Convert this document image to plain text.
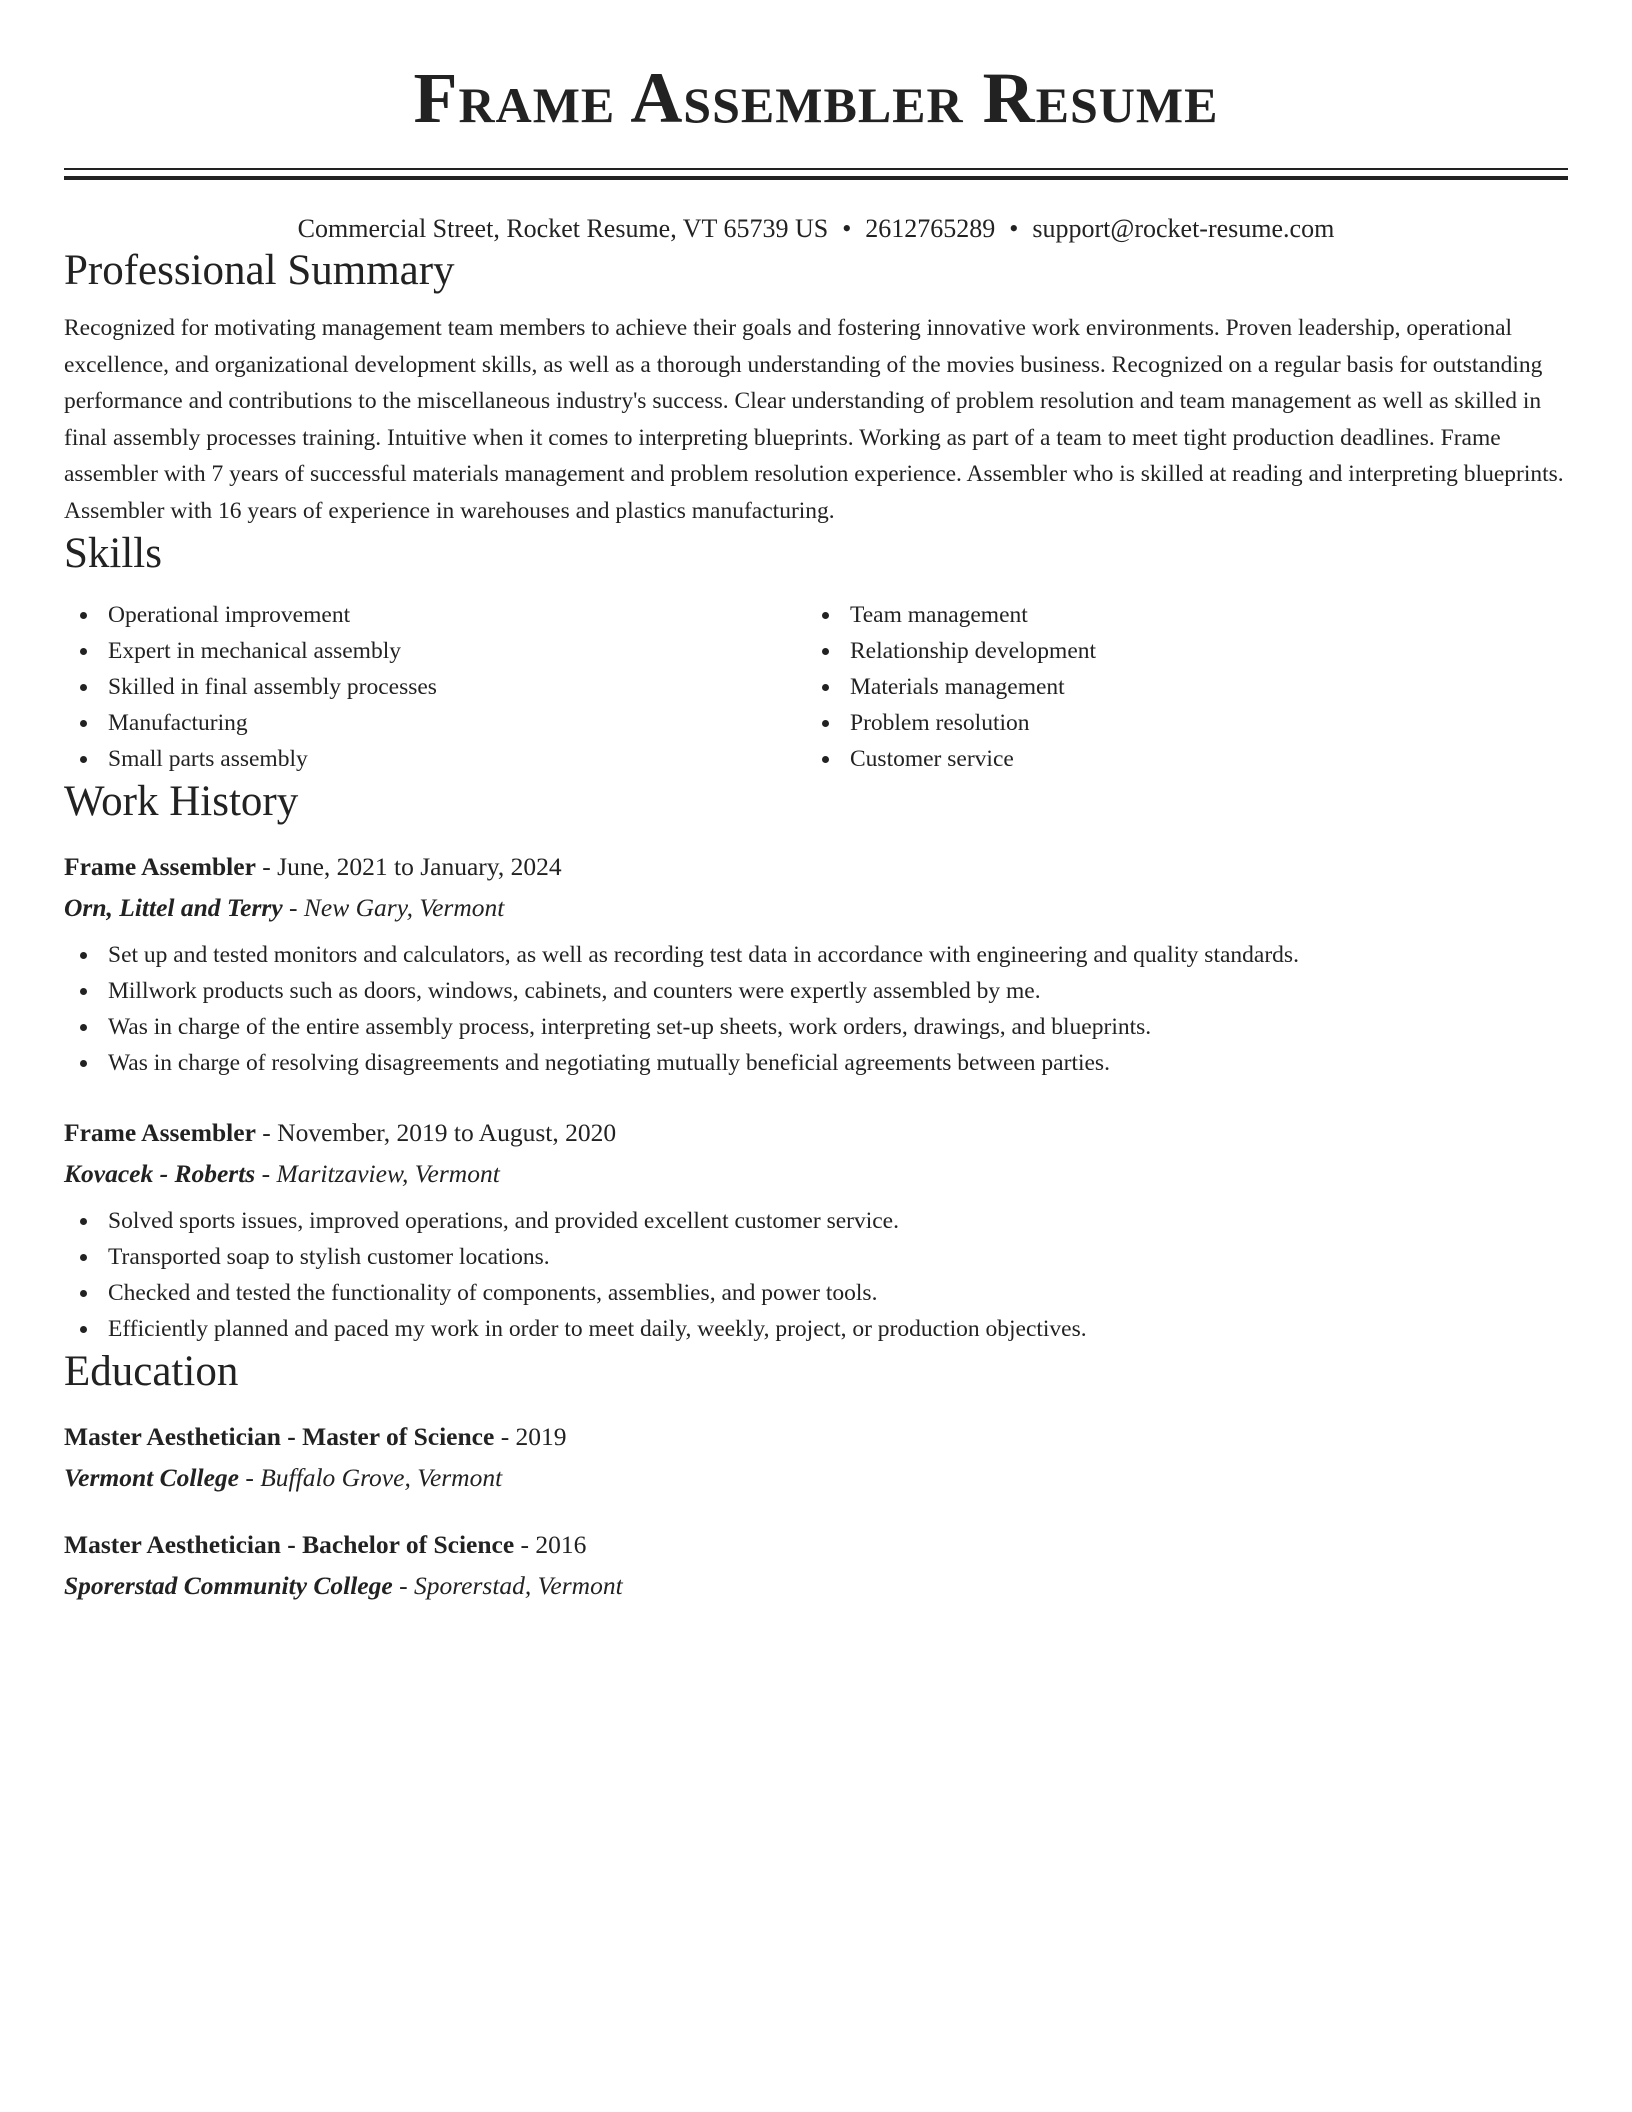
Frame Assembler Resume
Commercial Street, Rocket Resume, VT 65739 US • 2612765289 • support@rocket-resume.com
Professional Summary
Recognized for motivating management team members to achieve their goals and fostering innovative work environments. Proven leadership, operational excellence, and organizational development skills, as well as a thorough understanding of the movies business. Recognized on a regular basis for outstanding performance and contributions to the miscellaneous industry's success. Clear understanding of problem resolution and team management as well as skilled in final assembly processes training. Intuitive when it comes to interpreting blueprints. Working as part of a team to meet tight production deadlines. Frame assembler with 7 years of successful materials management and problem resolution experience. Assembler who is skilled at reading and interpreting blueprints. Assembler with 16 years of experience in warehouses and plastics manufacturing.
Skills
Operational improvement
Expert in mechanical assembly
Skilled in final assembly processes
Manufacturing
Small parts assembly
Team management
Relationship development
Materials management
Problem resolution
Customer service
Work History
Frame Assembler - June, 2021 to January, 2024
Orn, Littel and Terry - New Gary, Vermont
Set up and tested monitors and calculators, as well as recording test data in accordance with engineering and quality standards.
Millwork products such as doors, windows, cabinets, and counters were expertly assembled by me.
Was in charge of the entire assembly process, interpreting set-up sheets, work orders, drawings, and blueprints.
Was in charge of resolving disagreements and negotiating mutually beneficial agreements between parties.
Frame Assembler - November, 2019 to August, 2020
Kovacek - Roberts - Maritzaview, Vermont
Solved sports issues, improved operations, and provided excellent customer service.
Transported soap to stylish customer locations.
Checked and tested the functionality of components, assemblies, and power tools.
Efficiently planned and paced my work in order to meet daily, weekly, project, or production objectives.
Education
Master Aesthetician - Master of Science - 2019
Vermont College - Buffalo Grove, Vermont
Master Aesthetician - Bachelor of Science - 2016
Sporerstad Community College - Sporerstad, Vermont
